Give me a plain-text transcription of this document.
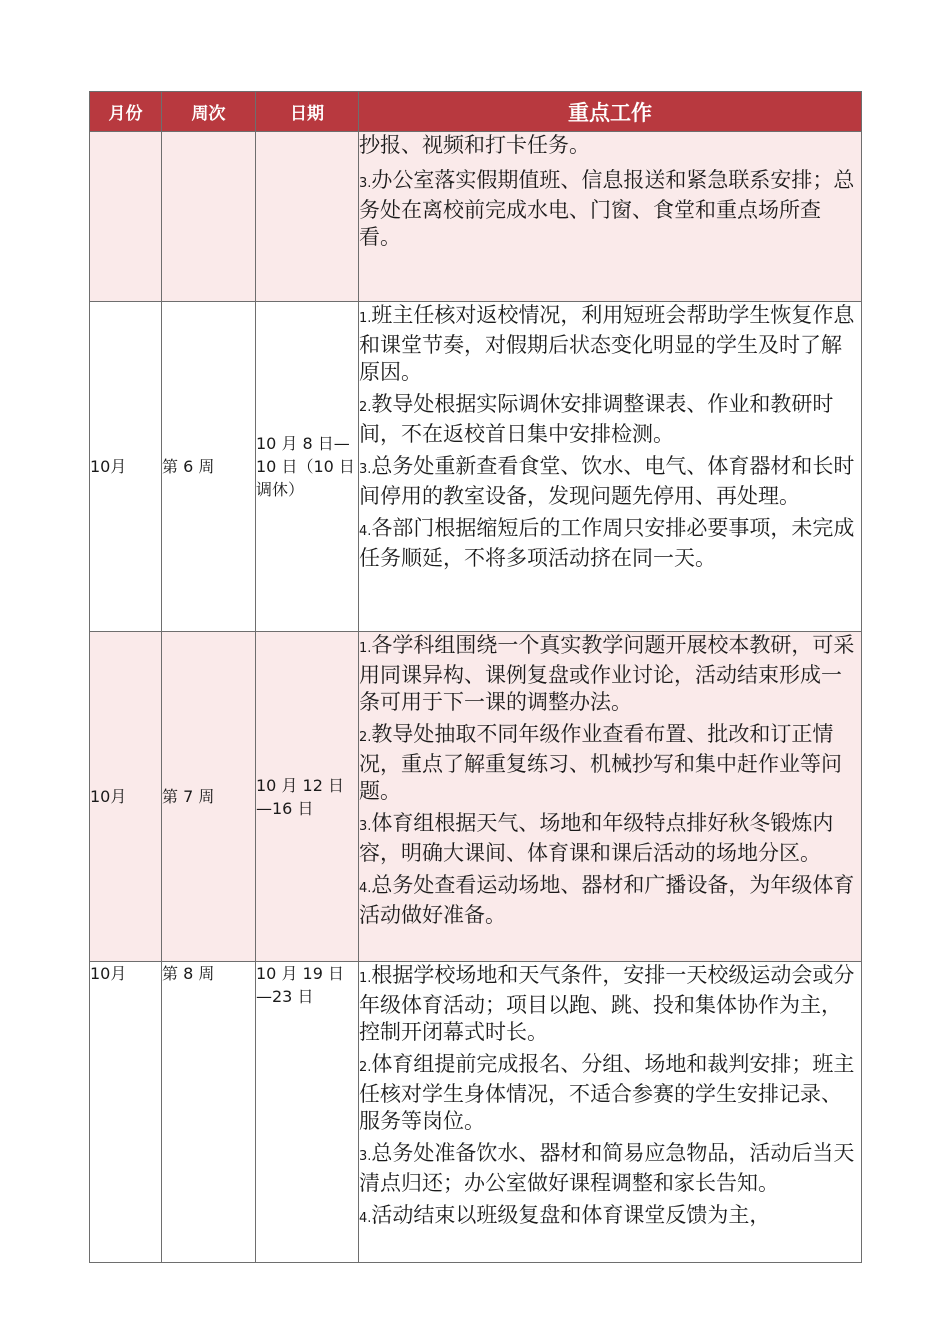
月份	周次	日期	重点工作

			抄报、视频和打卡任务。
3.办公室落实假期值班、信息报送和紧急联系安排；总务处在离校前完成水电、门窗、食堂和重点场所查看。

10月	第 6 周	10 月 8 日—10 日（10 日调休）	1.班主任核对返校情况，利用短班会帮助学生恢复作息和课堂节奏，对假期后状态变化明显的学生及时了解原因。
2.教导处根据实际调休安排调整课表、作业和教研时间，不在返校首日集中安排检测。
3.总务处重新查看食堂、饮水、电气、体育器材和长时间停用的教室设备，发现问题先停用、再处理。
4.各部门根据缩短后的工作周只安排必要事项，未完成任务顺延，不将多项活动挤在同一天。

10月	第 7 周	10 月 12 日—16 日	1.各学科组围绕一个真实教学问题开展校本教研，可采用同课异构、课例复盘或作业讨论，活动结束形成一条可用于下一课的调整办法。
2.教导处抽取不同年级作业查看布置、批改和订正情况，重点了解重复练习、机械抄写和集中赶作业等问题。
3.体育组根据天气、场地和年级特点排好秋冬锻炼内容，明确大课间、体育课和课后活动的场地分区。
4.总务处查看运动场地、器材和广播设备，为年级体育活动做好准备。

10月	第 8 周	10 月 19 日—23 日	1.根据学校场地和天气条件，安排一天校级运动会或分年级体育活动；项目以跑、跳、投和集体协作为主，控制开闭幕式时长。
2.体育组提前完成报名、分组、场地和裁判安排；班主任核对学生身体情况，不适合参赛的学生安排记录、服务等岗位。
3.总务处准备饮水、器材和简易应急物品，活动后当天清点归还；办公室做好课程调整和家长告知。
4.活动结束以班级复盘和体育课堂反馈为主，
